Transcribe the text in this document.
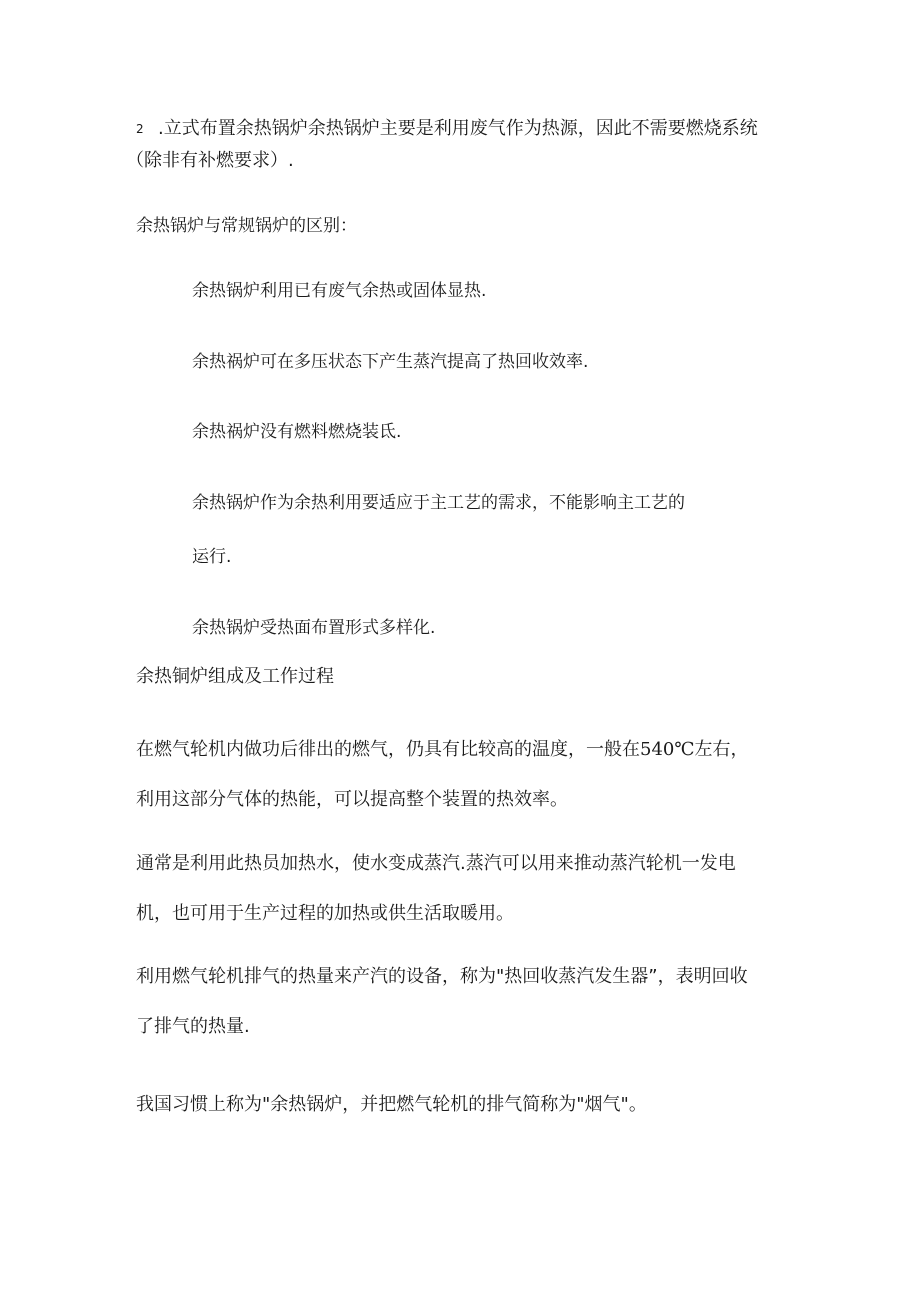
2 .立式布置余热锅炉余热锅炉主要是利用废气作为热源，因此不需要燃烧系统
（除非有补燃要求）.
余热锅炉与常规锅炉的区别：
余热锅炉利用已有废气余热或固体显热.
余热祸炉可在多压状态下产生蒸汽提高了热回收效率.
余热祸炉没有燃料燃烧装氐.
余热锅炉作为余热利用要适应于主工艺的需求，不能影响主工艺的
运行.
余热锅炉受热面布置形式多样化.
余热铜炉组成及工作过程
在燃气轮机内做功后徘出的燃气，仍具有比较高的温度，一般在540℃左右，
利用这部分气体的热能，可以提高整个装置的热效率。
通常是利用此热员加热水，使水变成蒸汽.蒸汽可以用来推动蒸汽轮机一发电
机，也可用于生产过程的加热或供生活取暖用。
利用燃气轮机排气的热量来产汽的设备，称为"热回收蒸汽发生器”，表明回收
了排气的热量.
我国习惯上称为"余热锅炉，并把燃气轮机的排气简称为"烟气"。
